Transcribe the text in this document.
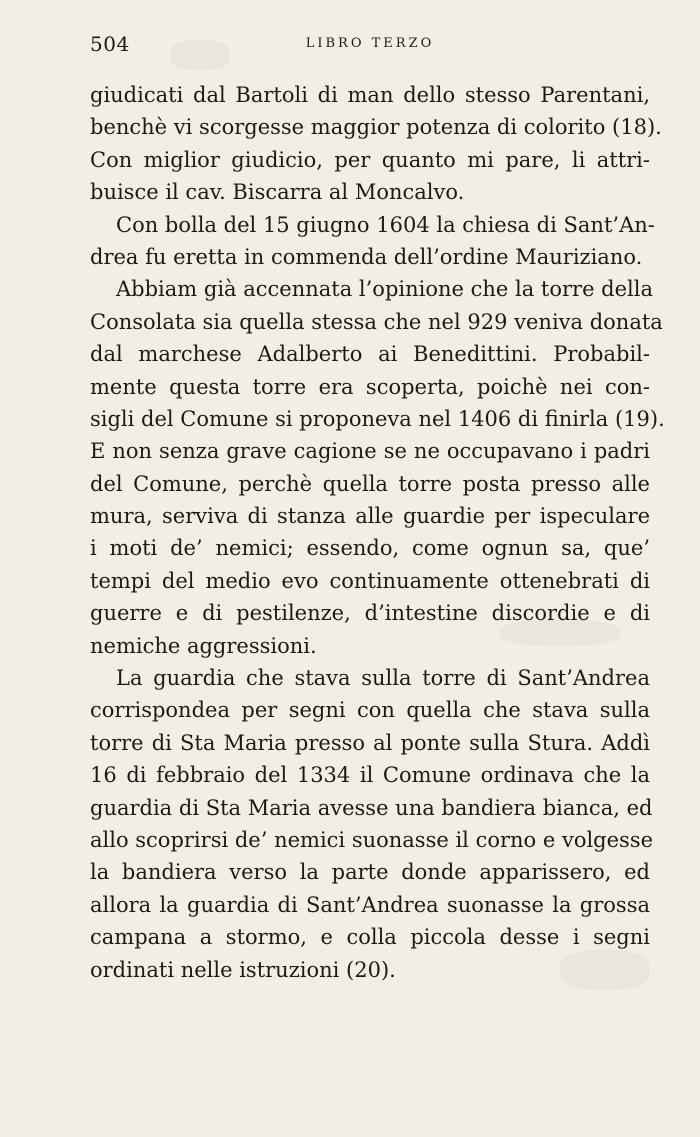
504	LIBRO TERZO
giudicati dal Bartoli di man dello stesso Parentani,
benchè vi scorgesse maggior potenza di colorito (18).
Con miglior giudicio, per quanto mi pare, li attri-
buisce il cav. Biscarra al Moncalvo.
Con bolla del 15 giugno 1604 la chiesa di Sant’An-
drea fu eretta in commenda dell’ordine Mauriziano.
Abbiam già accennata l’opinione che la torre della
Consolata sia quella stessa che nel 929 veniva donata
dal marchese Adalberto ai Benedittini. Probabil-
mente questa torre era scoperta, poichè nei con-
sigli del Comune si proponeva nel 1406 di finirla (19).
E non senza grave cagione se ne occupavano i padri
del Comune, perchè quella torre posta presso alle
mura, serviva di stanza alle guardie per ispeculare
i moti de’ nemici; essendo, come ognun sa, que’
tempi del medio evo continuamente ottenebrati di
guerre e di pestilenze, d’intestine discordie e di
nemiche aggressioni.
La guardia che stava sulla torre di Sant’Andrea
corrispondea per segni con quella che stava sulla
torre di Sta Maria presso al ponte sulla Stura. Addì
16 di febbraio del 1334 il Comune ordinava che la
guardia di Sta Maria avesse una bandiera bianca, ed
allo scoprirsi de’ nemici suonasse il corno e volgesse
la bandiera verso la parte donde apparissero, ed
allora la guardia di Sant’Andrea suonasse la grossa
campana a stormo, e colla piccola desse i segni
ordinati nelle istruzioni (20).
